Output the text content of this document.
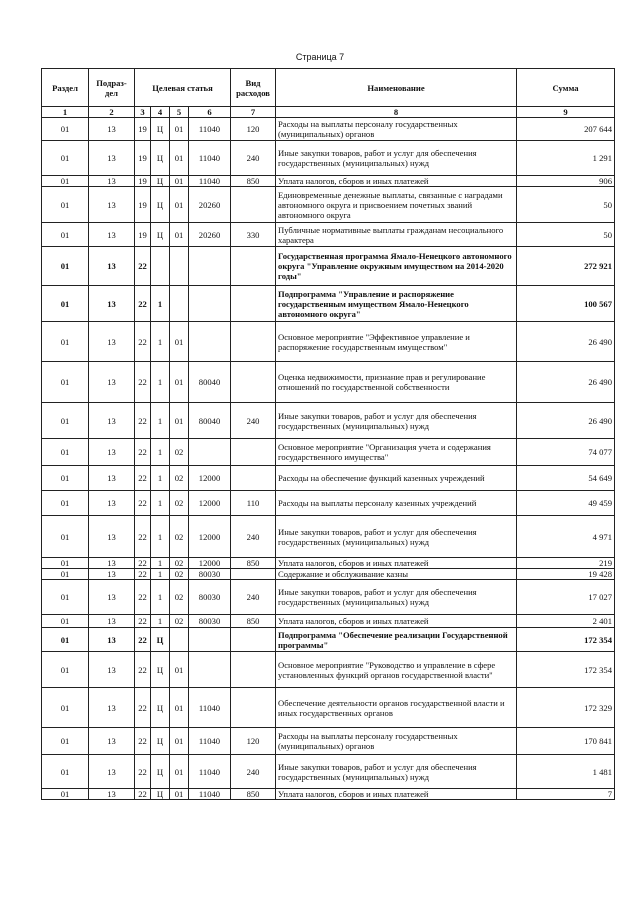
Страница 7
Раздел	Подраз-дел	Целевая статья				Вид расходов	Наименование	Сумма
1	2	3	4	5	6	7	8	9
01	13	19	Ц	01	11040	120	Расходы на выплаты персоналу государственных (муниципальных) органов	207 644
01	13	19	Ц	01	11040	240	Иные закупки товаров, работ и услуг для обеспечения государственных (муниципальных) нужд	1 291
01	13	19	Ц	01	11040	850	Уплата налогов, сборов и иных платежей	906
01	13	19	Ц	01	20260		Единовременные денежные выплаты, связанные с наградами автономного округа и присвоением почетных званий автономного округа	50
01	13	19	Ц	01	20260	330	Публичные нормативные выплаты гражданам несоциального характера	50
01	13	22					Государственная программа Ямало-Ненецкого автономного округа "Управление окружным имуществом на 2014-2020 годы"	272 921
01	13	22	1				Подпрограмма "Управление и распоряжение государственным имуществом Ямало-Ненецкого автономного округа"	100 567
01	13	22	1	01			Основное мероприятие "Эффективное управление и распоряжение государственным имуществом"	26 490
01	13	22	1	01	80040		Оценка недвижимости, признание прав и регулирование отношений по государственной собственности	26 490
01	13	22	1	01	80040	240	Иные закупки товаров, работ и услуг для обеспечения государственных (муниципальных) нужд	26 490
01	13	22	1	02			Основное мероприятие "Организация учета и содержания государственного имущества"	74 077
01	13	22	1	02	12000		Расходы на обеспечение функций казенных учреждений	54 649
01	13	22	1	02	12000	110	Расходы на выплаты персоналу казенных учреждений	49 459
01	13	22	1	02	12000	240	Иные закупки товаров, работ и услуг для обеспечения государственных (муниципальных) нужд	4 971
01	13	22	1	02	12000	850	Уплата налогов, сборов и иных платежей	219
01	13	22	1	02	80030		Содержание и обслуживание казны	19 428
01	13	22	1	02	80030	240	Иные закупки товаров, работ и услуг для обеспечения государственных (муниципальных) нужд	17 027
01	13	22	1	02	80030	850	Уплата налогов, сборов и иных платежей	2 401
01	13	22	Ц				Подпрограмма "Обеспечение реализации Государственной программы"	172 354
01	13	22	Ц	01			Основное мероприятие "Руководство и управление в сфере установленных функций органов государственной власти"	172 354
01	13	22	Ц	01	11040		Обеспечение деятельности органов государственной власти и иных государственных органов	172 329
01	13	22	Ц	01	11040	120	Расходы на выплаты персоналу государственных (муниципальных) органов	170 841
01	13	22	Ц	01	11040	240	Иные закупки товаров, работ и услуг для обеспечения государственных (муниципальных) нужд	1 481
01	13	22	Ц	01	11040	850	Уплата налогов, сборов и иных платежей	7
